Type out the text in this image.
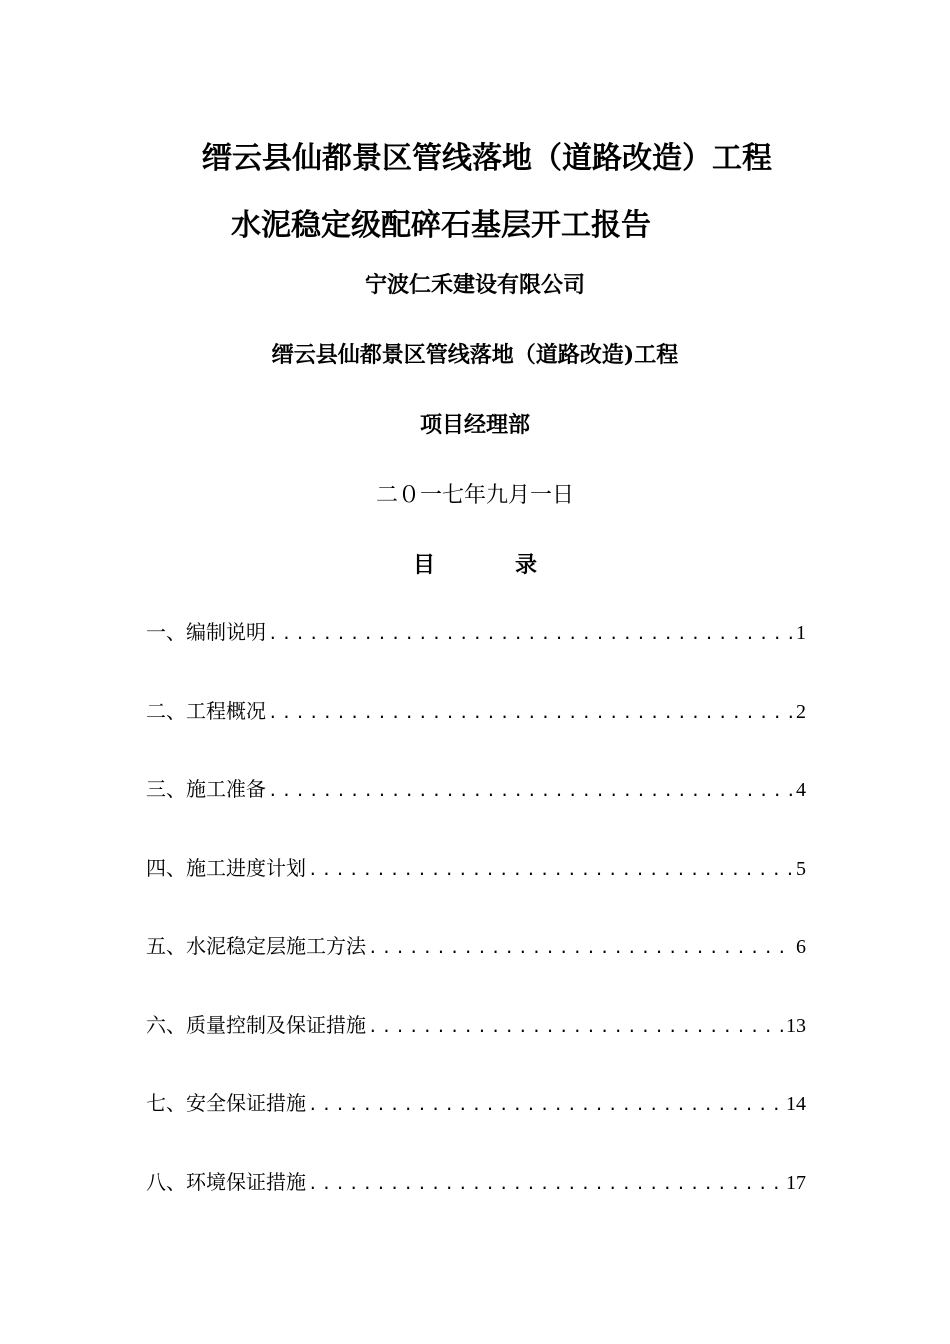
缙云县仙都景区管线落地（道路改造）工程
水泥稳定级配碎石基层开工报告
宁波仁禾建设有限公司
缙云县仙都景区管线落地（道路改造)工程
项目经理部
二０一七年九月一日
目	录
一、编制说明 .....	1
二、工程概况 .....	2
三、施工准备 .....	4
四、施工进度计划 .....	5
五、水泥稳定层施工方法 .....	6
六、质量控制及保证措施 .....	13
七、安全保证措施 .....	14
八、环境保证措施 .....	17
